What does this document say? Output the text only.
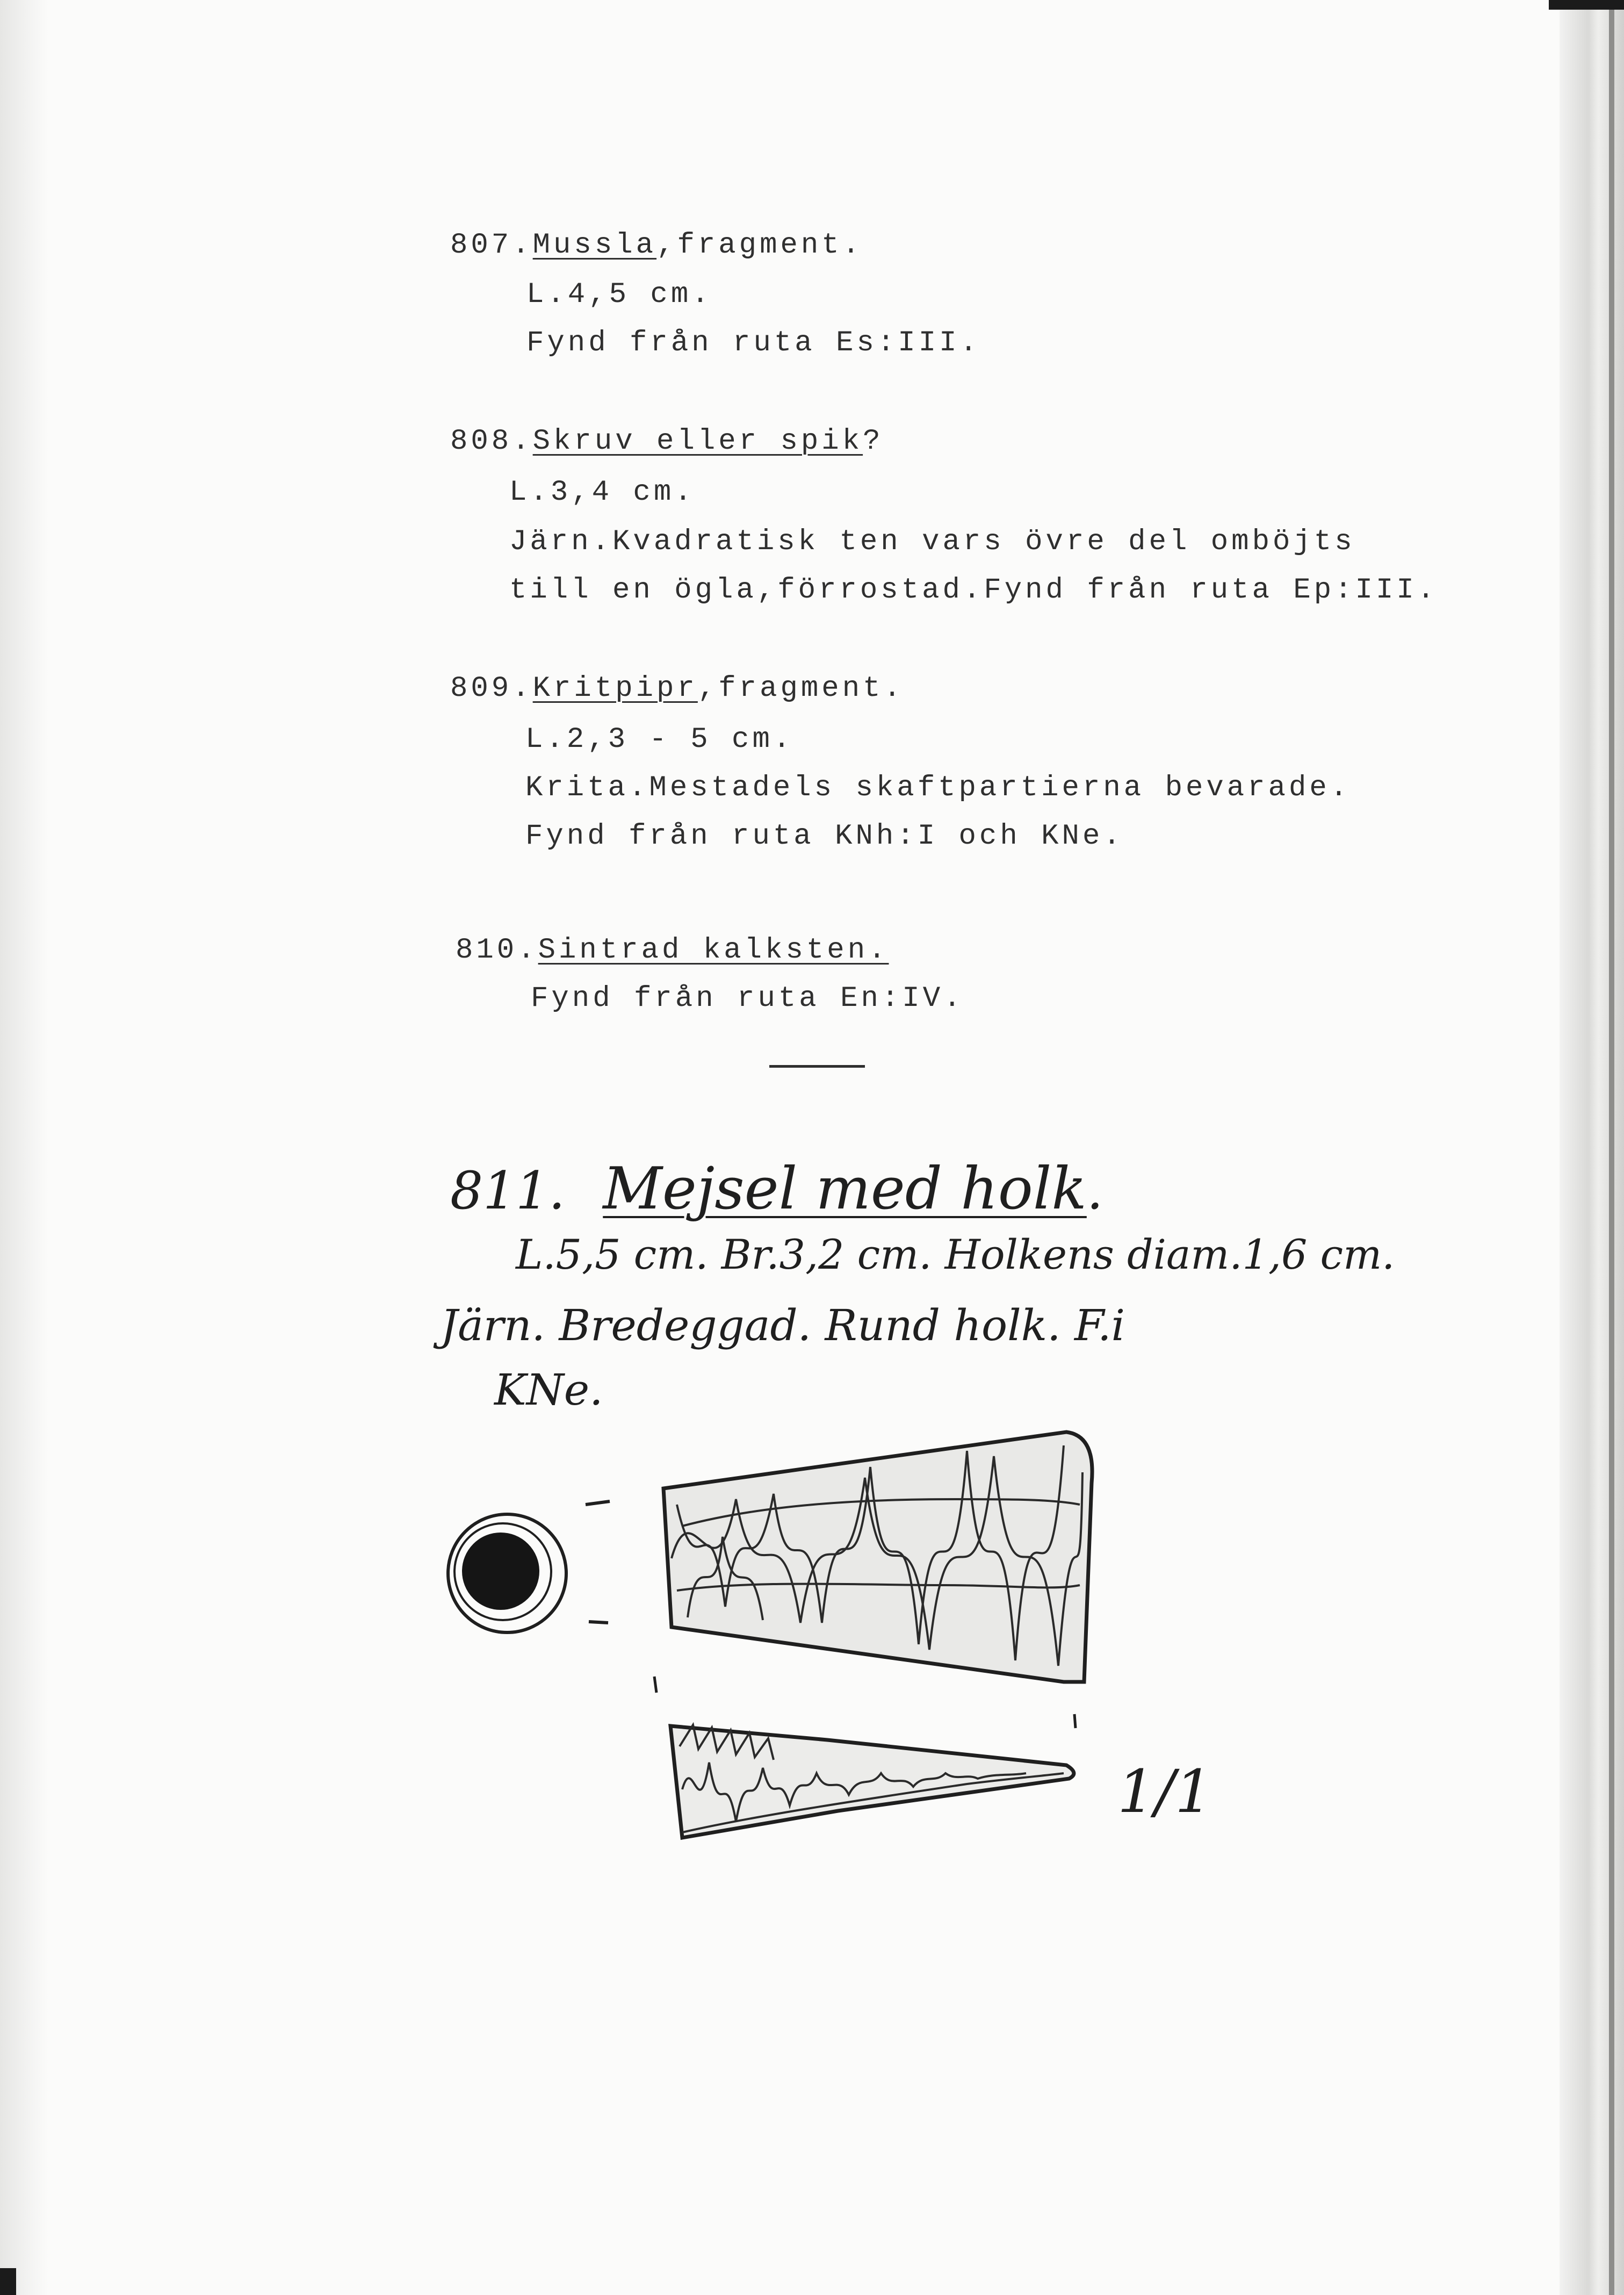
807.Mussla,fragment.
L.4,5 cm.
Fynd från ruta Es:III.
808.Skruv eller spik?
L.3,4 cm.
Järn.Kvadratisk ten vars övre del omböjts
till en ögla,förrostad.Fynd från ruta Ep:III.
809.Kritpipr,fragment.
L.2,3 - 5 cm.
Krita.Mestadels skaftpartierna bevarade.
Fynd från ruta KNh:I och KNe.
810.Sintrad kalksten.
Fynd från ruta En:IV.
811. Mejsel med holk.
L.5,5 cm. Br.3,2 cm. Holkens diam.1,6 cm.
Järn. Bredeggad. Rund holk. F.i
KNe.
1/1
